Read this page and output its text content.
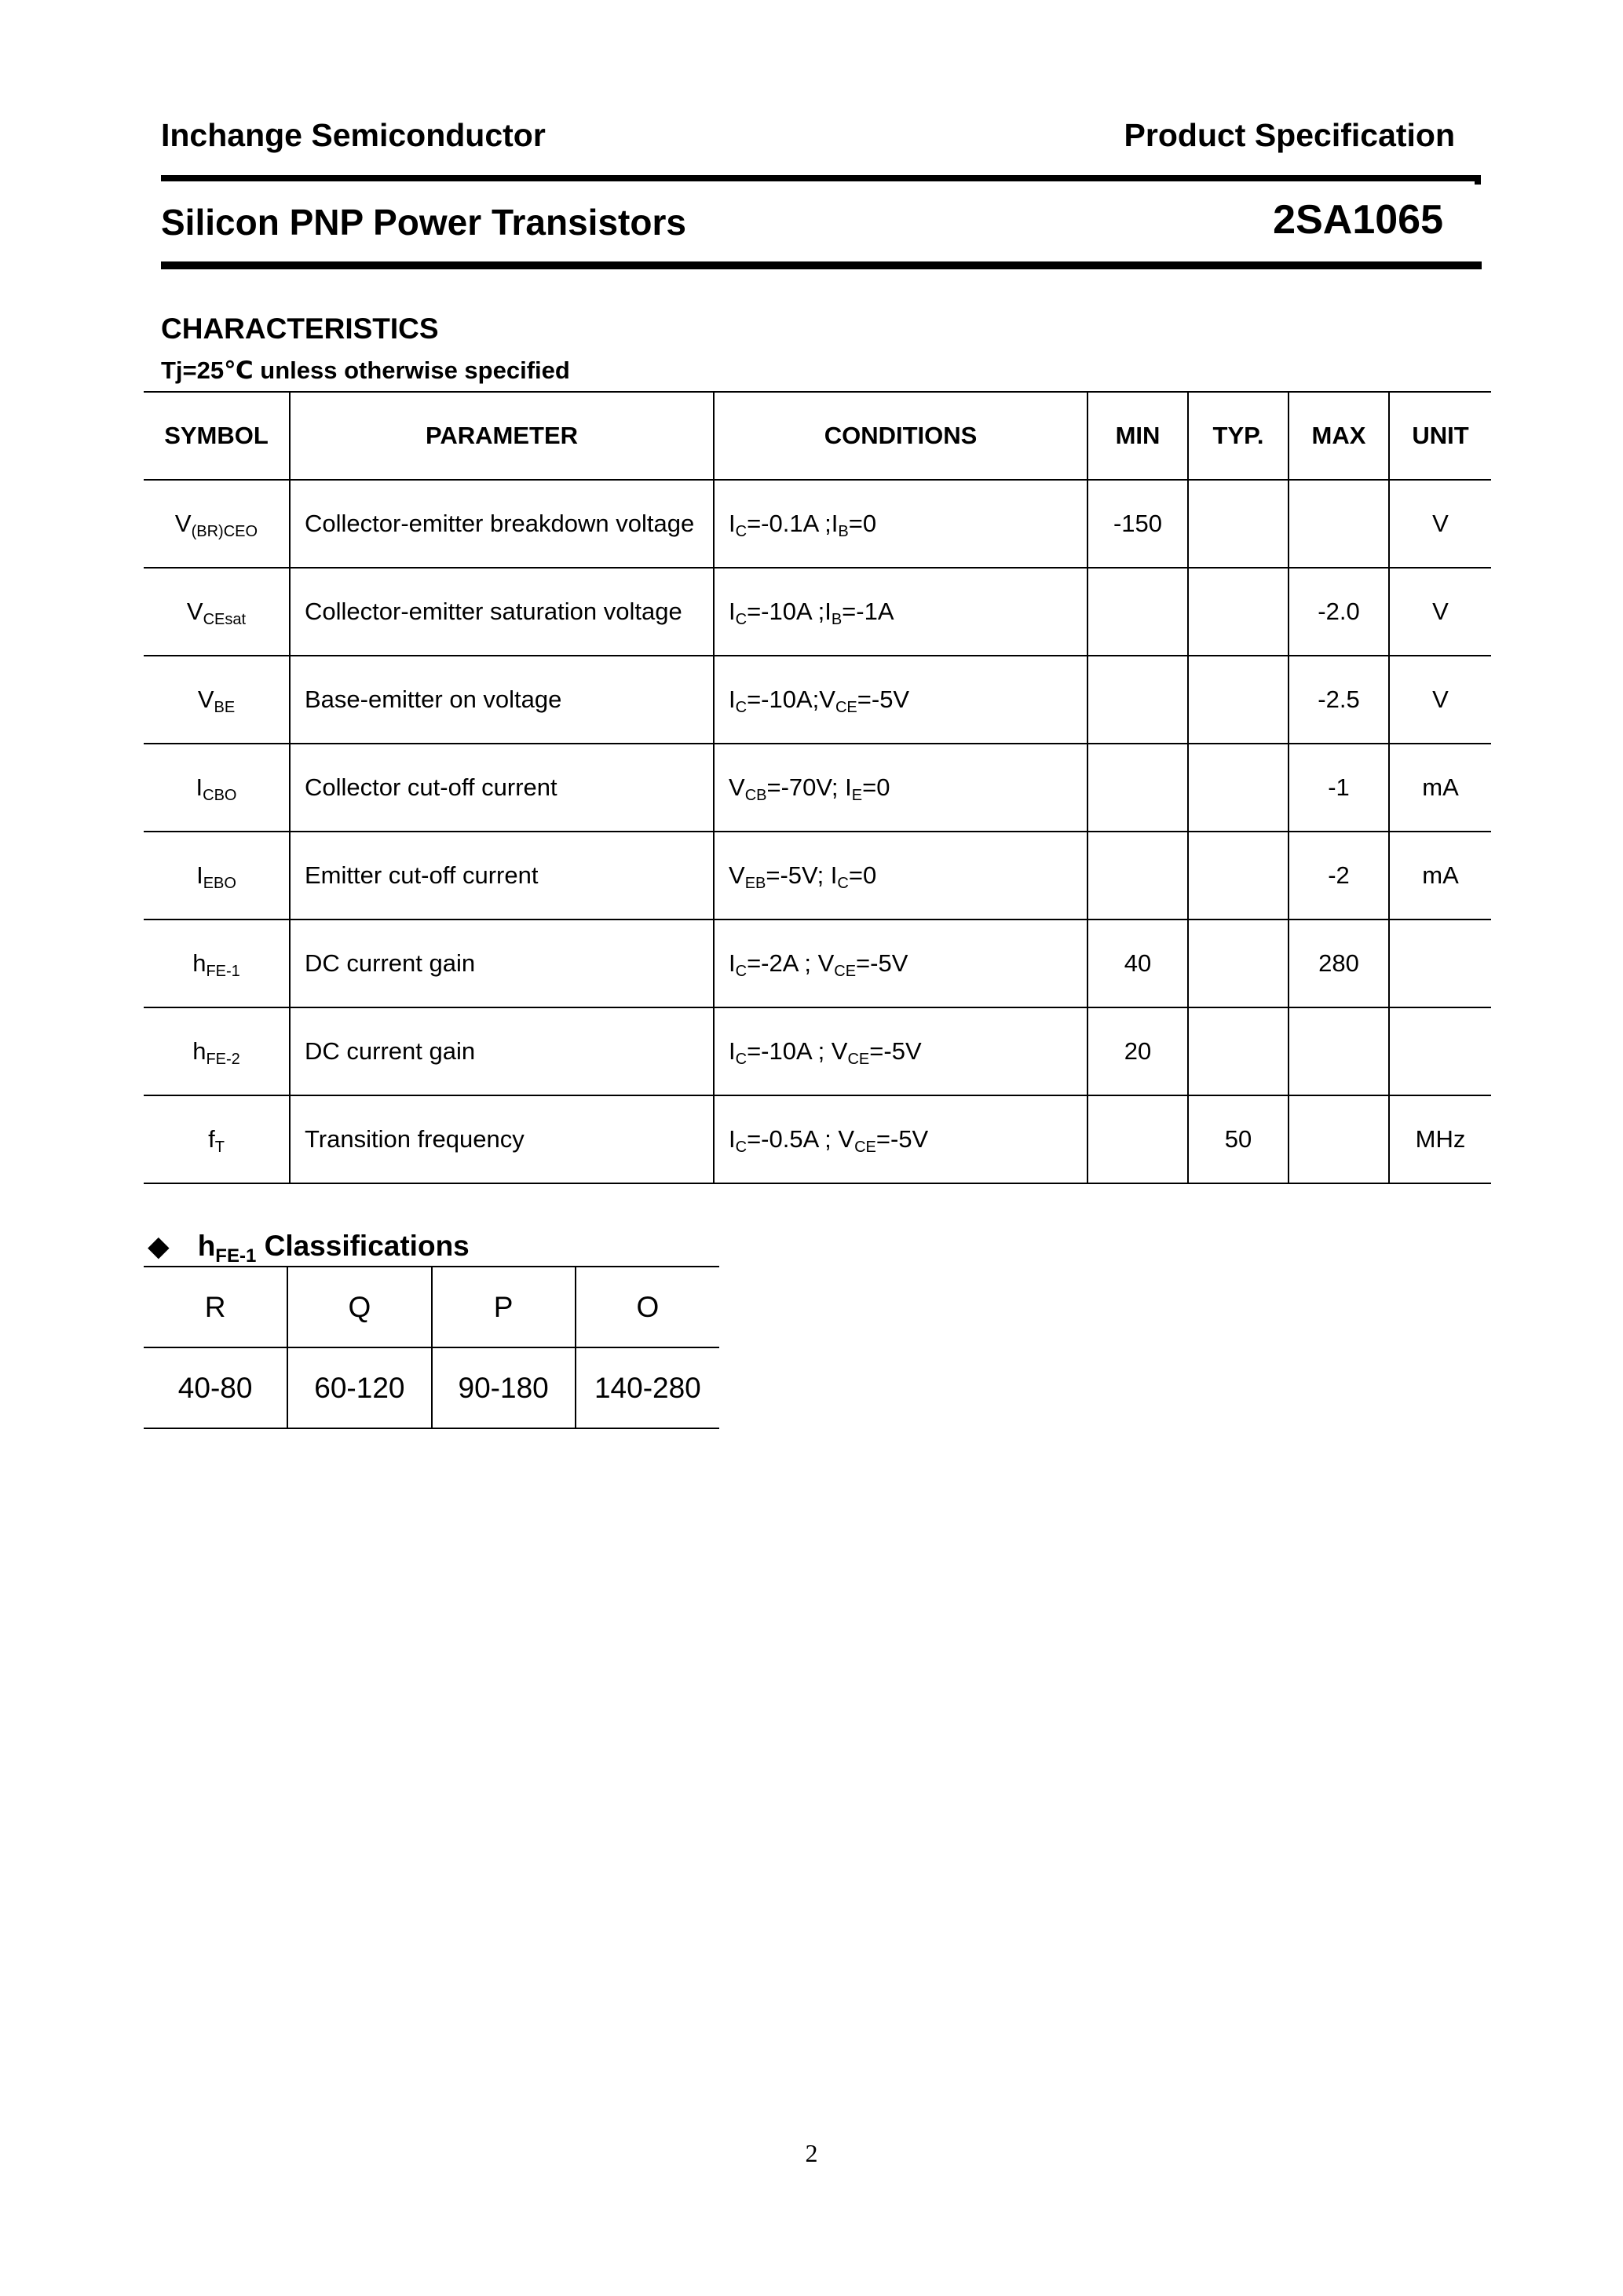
Inchange Semiconductor	Product Specification
Silicon PNP Power Transistors	2SA1065
CHARACTERISTICS
Tj=25℃ unless otherwise specified
SYMBOL	PARAMETER	CONDITIONS	MIN	TYP.	MAX	UNIT
$V_{(BR)CEO}$	Collector-emitter breakdown voltage	$I_C=-0.1A$ $;I_B=0$	-150			V
$V_{CEsat}$	Collector-emitter saturation voltage	$I_C=-10A$ $;I_B=-1A$			-2.0	V
$V_{BE}$	Base-emitter on voltage	$I_C=-10A;V_{CE}=-5V$			-2.5	V
$I_{CBO}$	Collector cut-off current	$V_{CB}=-70V$; $I_E=0$			-1	mA
$I_{EBO}$	Emitter cut-off current	$V_{EB}=-5V$; $I_C=0$			-2	mA
$h_{FE-1}$	DC current gain	$I_C=-2A$ ; $V_{CE}=-5V$	40		280	
$h_{FE-2}$	DC current gain	$I_C=-10A$ ; $V_{CE}=-5V$	20			
$f_T$	Transition frequency	$I_C=-0.5A$ ; $V_{CE}=-5V$		50		MHz
◆ $h_{FE-1}$ Classifications
R	Q	P	O
40-80	60-120	90-180	140-280
2
